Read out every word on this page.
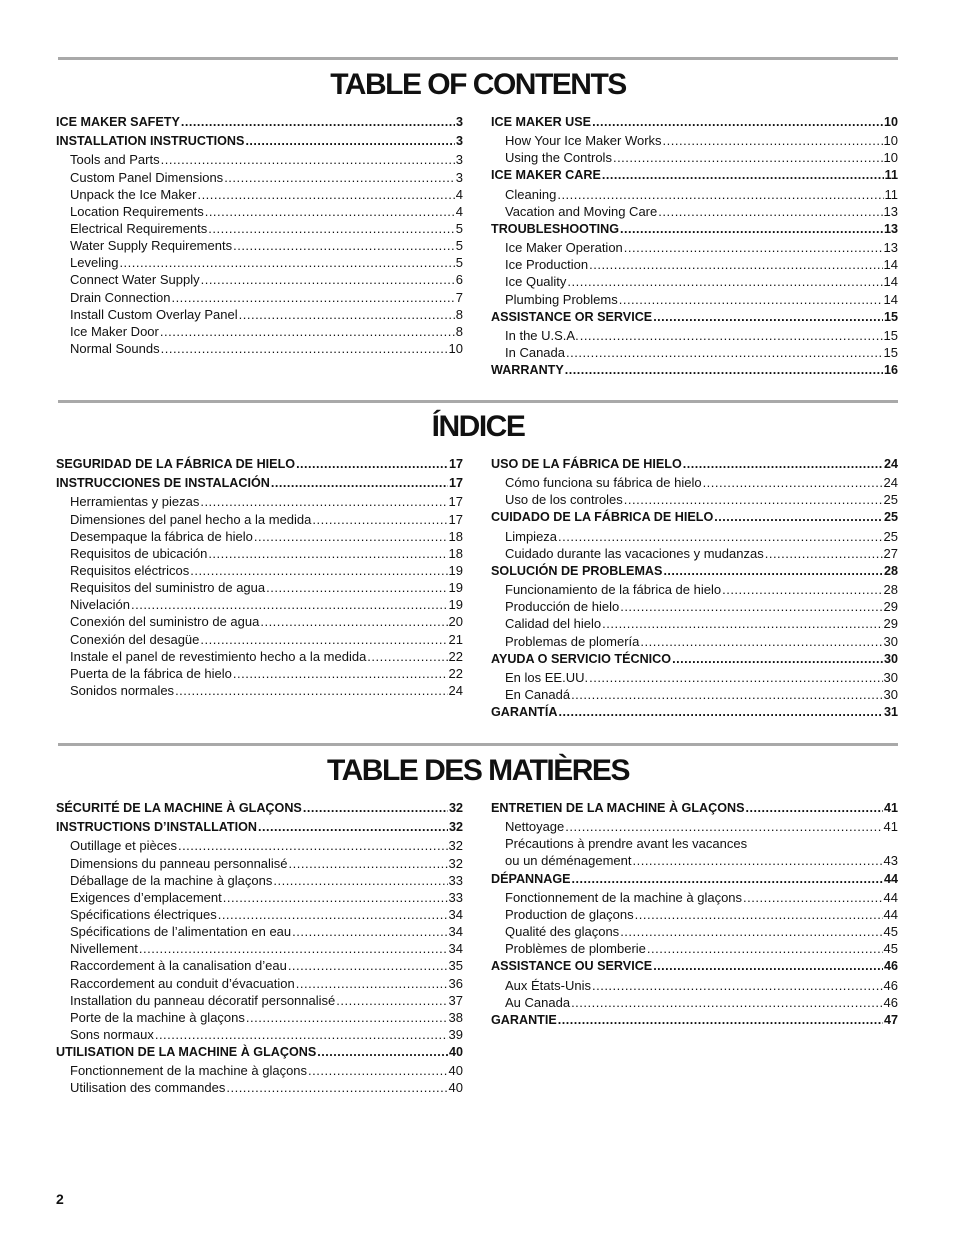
TABLE OF CONTENTS
ICE MAKER SAFETY .....	3
INSTALLATION INSTRUCTIONS .....	3
Tools and Parts .....	3
Custom Panel Dimensions .....	3
Unpack the Ice Maker .....	4
Location Requirements .....	4
Electrical Requirements .....	5
Water Supply Requirements .....	5
Leveling .....	5
Connect Water Supply .....	6
Drain Connection .....	7
Install Custom Overlay Panel .....	8
Ice Maker Door .....	8
Normal Sounds .....	10
ICE MAKER USE .....	10
How Your Ice Maker Works .....	10
Using the Controls .....	10
ICE MAKER CARE .....	11
Cleaning .....	11
Vacation and Moving Care .....	13
TROUBLESHOOTING .....	13
Ice Maker Operation .....	13
Ice Production .....	14
Ice Quality .....	14
Plumbing Problems .....	14
ASSISTANCE OR SERVICE .....	15
In the U.S.A. .....	15
In Canada .....	15
WARRANTY .....	16
ÍNDICE
SEGURIDAD DE LA FÁBRICA DE HIELO .....	17
INSTRUCCIONES DE INSTALACIÓN .....	17
Herramientas y piezas .....	17
Dimensiones del panel hecho a la medida .....	17
Desempaque la fábrica de hielo .....	18
Requisitos de ubicación .....	18
Requisitos eléctricos .....	19
Requisitos del suministro de agua .....	19
Nivelación .....	19
Conexión del suministro de agua .....	20
Conexión del desagüe .....	21
Instale el panel de revestimiento hecho a la medida .....	22
Puerta de la fábrica de hielo .....	22
Sonidos normales .....	24
USO DE LA FÁBRICA DE HIELO .....	24
Cómo funciona su fábrica de hielo .....	24
Uso de los controles .....	25
CUIDADO DE LA FÁBRICA DE HIELO .....	25
Limpieza .....	25
Cuidado durante las vacaciones y mudanzas .....	27
SOLUCIÓN DE PROBLEMAS .....	28
Funcionamiento de la fábrica de hielo .....	28
Producción de hielo .....	29
Calidad del hielo .....	29
Problemas de plomería .....	30
AYUDA O SERVICIO TÉCNICO .....	30
En los EE.UU. .....	30
En Canadá .....	30
GARANTÍA .....	31
TABLE DES MATIÈRES
SÉCURITÉ DE LA MACHINE À GLAÇONS .....	32
INSTRUCTIONS D’INSTALLATION .....	32
Outillage et pièces .....	32
Dimensions du panneau personnalisé .....	32
Déballage de la machine à glaçons .....	33
Exigences d’emplacement .....	33
Spécifications électriques .....	34
Spécifications de l’alimentation en eau .....	34
Nivellement .....	34
Raccordement à la canalisation d’eau .....	35
Raccordement au conduit d’évacuation .....	36
Installation du panneau décoratif personnalisé .....	37
Porte de la machine à glaçons .....	38
Sons normaux .....	39
UTILISATION DE LA MACHINE À GLAÇONS .....	40
Fonctionnement de la machine à glaçons .....	40
Utilisation des commandes .....	40
ENTRETIEN DE LA MACHINE À GLAÇONS .....	41
Nettoyage .....	41
Précautions à prendre avant les vacances
ou un déménagement .....	43
DÉPANNAGE .....	44
Fonctionnement de la machine à glaçons .....	44
Production de glaçons .....	44
Qualité des glaçons .....	45
Problèmes de plomberie .....	45
ASSISTANCE OU SERVICE .....	46
Aux États-Unis .....	46
Au Canada .....	46
GARANTIE .....	47
2
